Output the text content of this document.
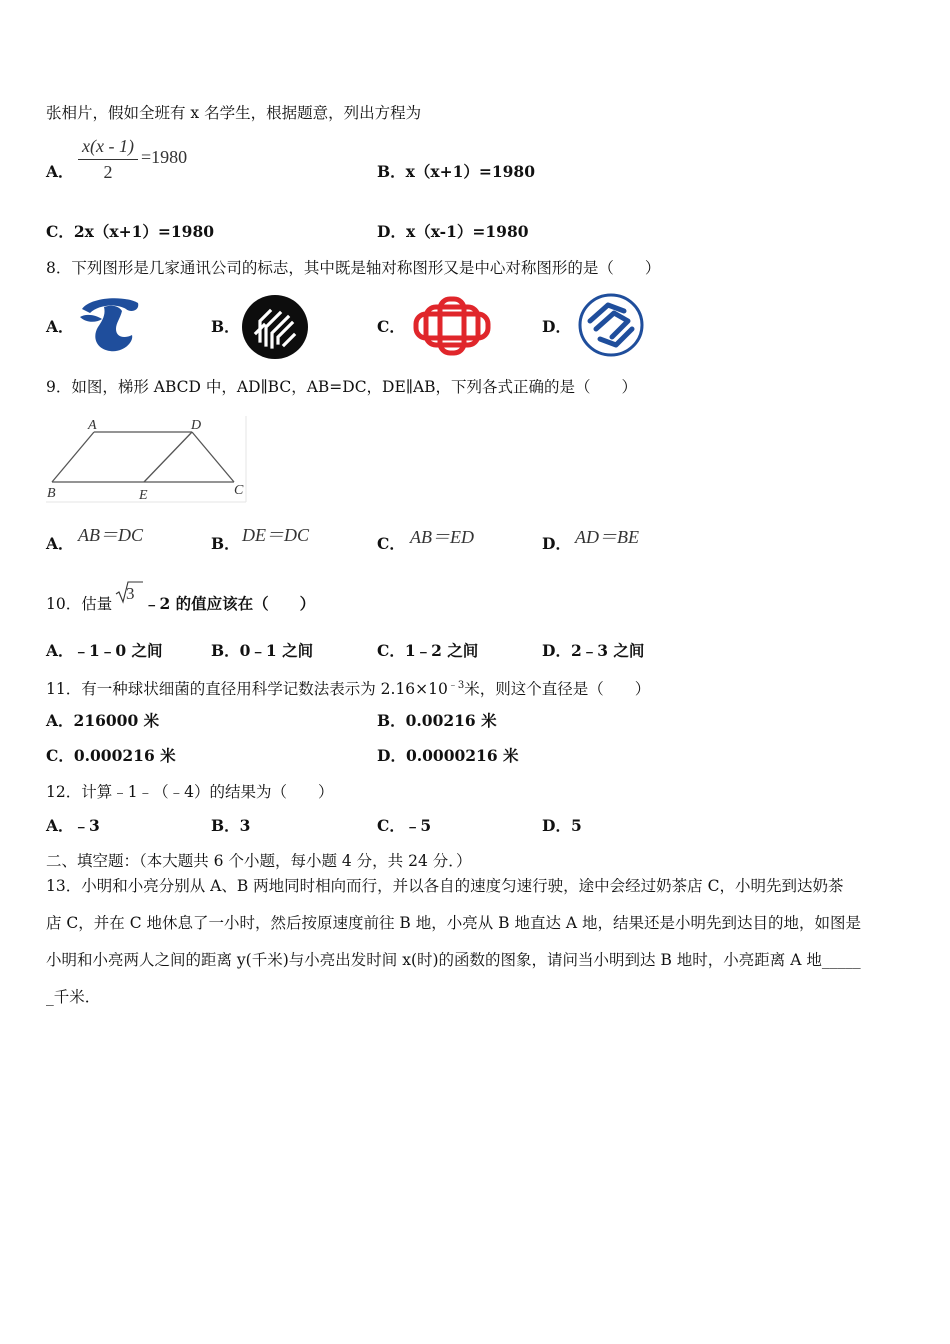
张相片，假如全班有 x 名学生，根据题意，列出方程为
A． $\frac{x(x - 1)}{2} =1980$
B．x（x+1）=1980
C．2x（x+1）=1980	D．x（x-1）=1980
8．下列图形是几家通讯公司的标志，其中既是轴对称图形又是中心对称图形的是（　　）
A．	B．	C．	D．
9．如图，梯形 ABCD 中，AD∥BC，AB=DC，DE∥AB，下列各式正确的是（　　）
A	D
B	E	C
A． AB＝DC	B． DE＝DC	C． AB＝ED	D． AD＝BE
10．估量
3
﹣2 的值应该在（　　）
A．﹣1﹣0 之间	B．0﹣1 之间	C．1﹣2 之间	D．2﹣3 之间
11．有一种球状细菌的直径用科学记数法表示为 $2.16\times 10^{﹣3}$米，则这个直径是（　　）
A．216000 米	B．0.00216 米
C．0.000216 米	D．0.0000216 米
12．计算﹣1﹣（﹣4）的结果为（　　）
A．﹣3	B．3	C．﹣5	D．5
二、填空题：（本大题共 6 个小题，每小题 4 分，共 24 分．）
13．小明和小亮分别从 A、B 两地同时相向而行，并以各自的速度匀速行驶，途中会经过奶茶店 C，小明先到达奶茶
店 C，并在 C 地休息了一小时，然后按原速度前往 B 地，小亮从 B 地直达 A 地，结果还是小明先到达目的地，如图是
小明和小亮两人之间的距离 y(千米)与小亮出发时间 x(时)的函数的图象，请问当小明到达 B 地时，小亮距离 A 地_____
_千米．
